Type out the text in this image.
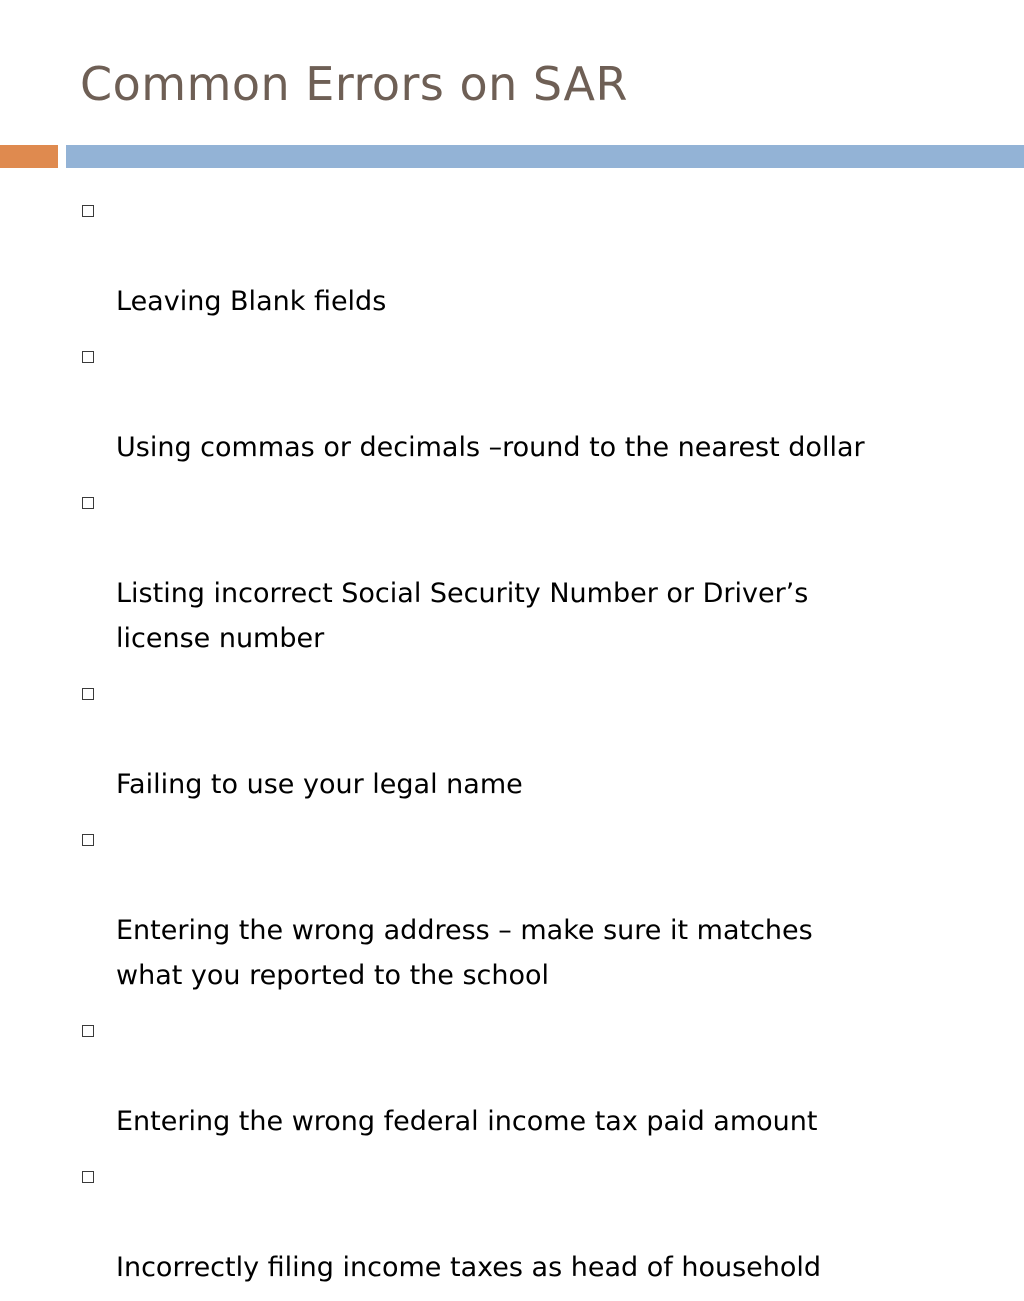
Common Errors on SAR

Leaving Blank fields

Using commas or decimals –round to the nearest dollar

Listing incorrect Social Security Number or Driver’s
license number

Failing to use your legal name

Entering the wrong address – make sure it matches
what you reported to the school

Entering the wrong federal income tax paid amount

Incorrectly filing income taxes as head of household
